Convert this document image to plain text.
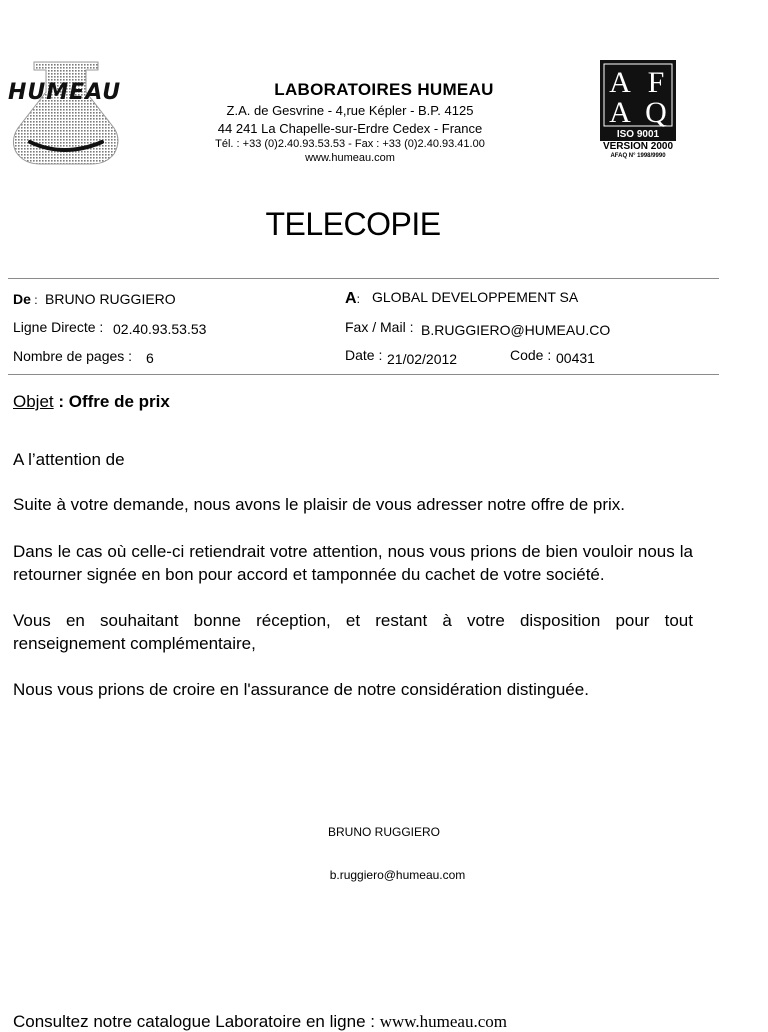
HUMEAU	LABORATOIRES HUMEAU
Z.A. de Gesvrine - 4,rue Képler - B.P. 4125
44 241 La Chapelle-sur-Erdre Cedex - France
Tél. : +33 (0)2.40.93.53.53 - Fax : +33 (0)2.40.93.41.00
www.humeau.com
A F
A Q
ISO 9001
VERSION 2000
AFAQ N° 1998/9990
TELECOPIE
De : BRUNO RUGGIERO	A: GLOBAL DEVELOPPEMENT SA
Ligne Directe : 02.40.93.53.53	Fax / Mail : B.RUGGIERO@HUMEAU.CO
Nombre de pages : 6	Date : 21/02/2012	Code : 00431
Objet : Offre de prix
A l’attention de
Suite à votre demande, nous avons le plaisir de vous adresser notre offre de prix.
Dans le cas où celle-ci retiendrait votre attention, nous vous prions de bien vouloir nous la retourner signée en bon pour accord et tamponnée du cachet de votre société.
Vous en souhaitant bonne réception, et restant à votre disposition pour tout renseignement complémentaire,
Nous vous prions de croire en l'assurance de notre considération distinguée.
BRUNO RUGGIERO
b.ruggiero@humeau.com
Consultez notre catalogue Laboratoire en ligne : www.humeau.com
